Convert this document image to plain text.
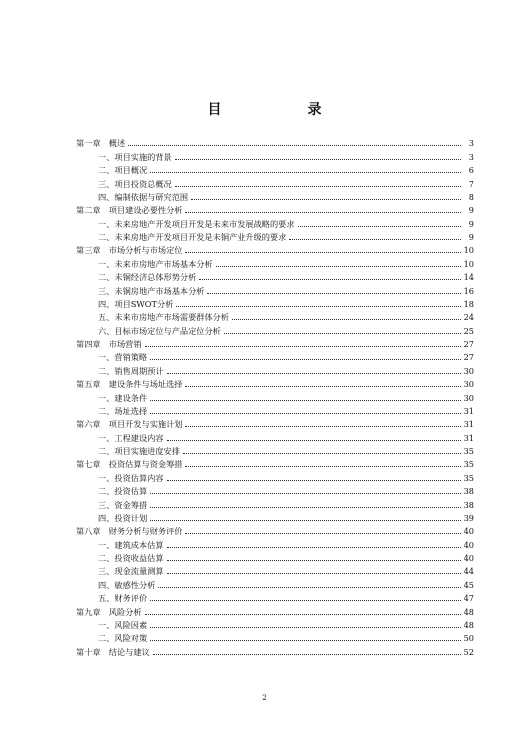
目　录
第一章　概述	3
一、项目实施的背景	3
二、项目概况	6
三、项目投资总概况	7
四、编制依据与研究范围	8
第二章　项目建设必要性分析	9
一、未来房地产开发项目开发是未来市发展战略的要求	9
二、未来房地产开发项目开发是未铜产业升级的要求	9
第三章　市场分析与市场定位	10
一、未来市房地产市场基本分析	10
二、未铜经济总体形势分析	14
三、未铜房地产市场基本分析	16
四、项目SWOT分析	18
五、未来市房地产市场需要群体分析	24
六、目标市场定位与产品定位分析	25
第四章　市场营销	27
一、营销策略	27
二、销售周期预计	30
第五章　建设条件与场址选择	30
一、建设条件	30
二、场址选择	31
第六章　项目开发与实施计划	31
一、工程建设内容	31
二、项目实施进度安排	35
第七章　投资估算与资金筹措	35
一、投资估算内容	35
二、投资估算	38
三、资金筹措	38
四、投资计划	39
第八章　财务分析与财务评价	40
一、建筑成本估算	40
二、投资收益估算	40
三、现金流量测算	44
四、敏感性分析	45
五、财务评价	47
第九章　风险分析	48
一、风险因素	48
二、风险对策	50
第十章　结论与建议	52
2
